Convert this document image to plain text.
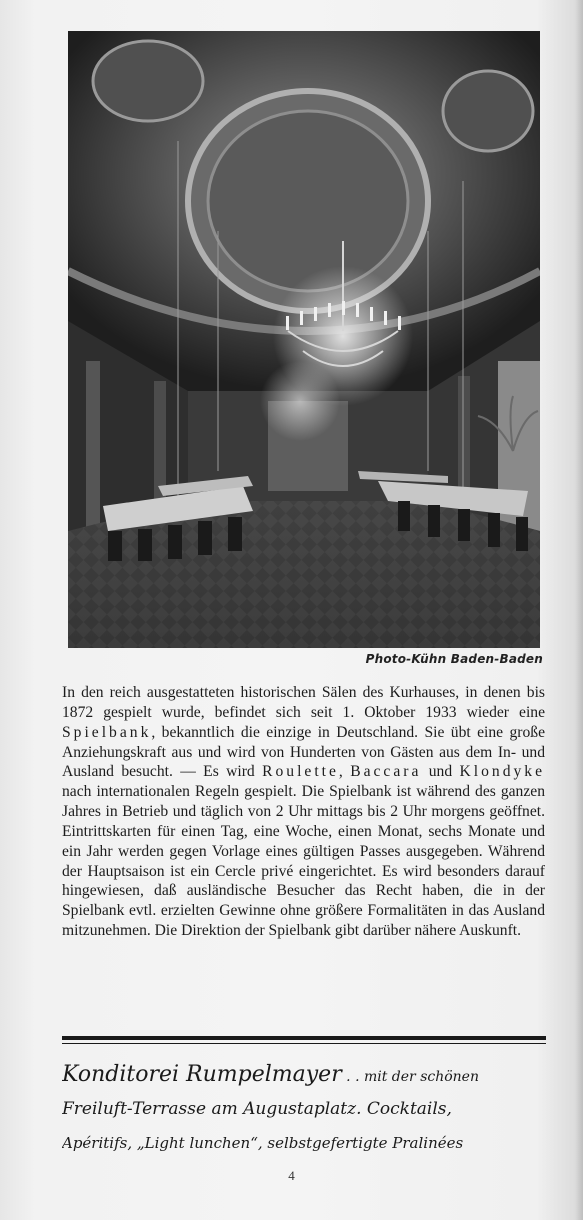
Photo-Kühn Baden-Baden
In den reich ausgestatteten historischen Sälen des Kurhauses, in denen bis 1872 gespielt wurde, befindet sich seit 1. Oktober 1933 wieder eine Spielbank, bekanntlich die einzige in Deutschland. Sie übt eine große Anziehungskraft aus und wird von Hunderten von Gästen aus dem In- und Ausland besucht. — Es wird Roulette, Baccara und Klondyke nach internationalen Regeln gespielt. Die Spielbank ist während des ganzen Jahres in Betrieb und täglich von 2 Uhr mittags bis 2 Uhr morgens geöffnet. Eintrittskarten für einen Tag, eine Woche, einen Monat, sechs Monate und ein Jahr werden gegen Vorlage eines gültigen Passes ausgegeben. Während der Hauptsaison ist ein Cercle privé eingerichtet. Es wird besonders darauf hingewiesen, daß ausländische Besucher das Recht haben, die in der Spielbank evtl. erzielten Gewinne ohne größere Formalitäten in das Ausland mitzunehmen. Die Direktion der Spielbank gibt darüber nähere Auskunft.
Konditorei Rumpelmayer . . mit der schönen
Freiluft-Terrasse am Augustaplatz. Cocktails,
Apéritifs, „Light lunchen“, selbstgefertigte Pralinées
4
